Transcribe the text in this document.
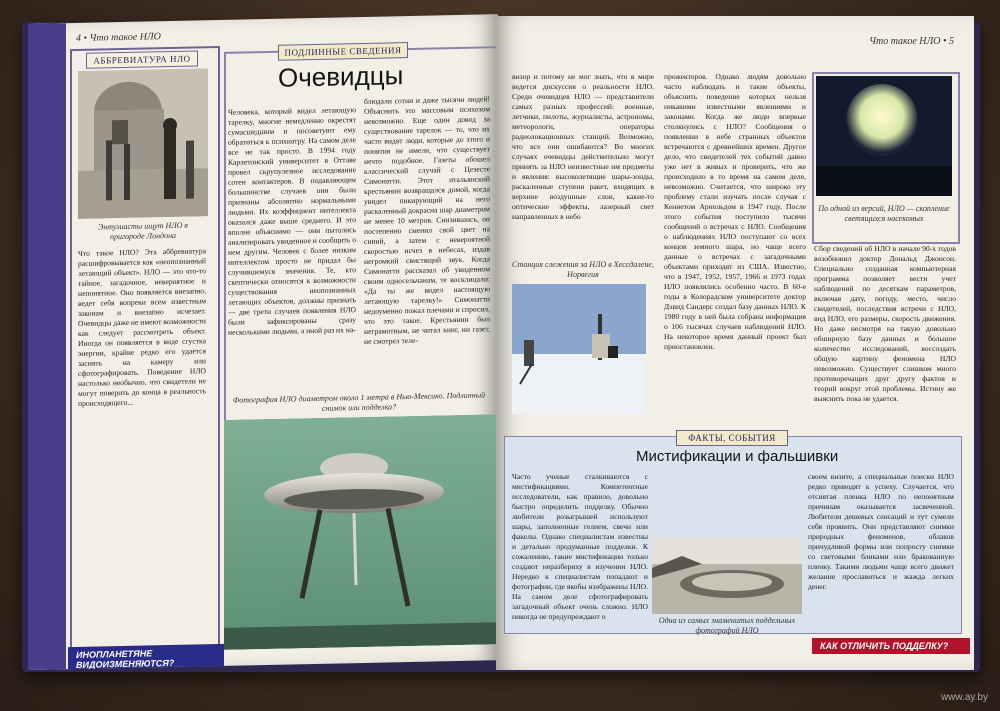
4 • Что такое НЛО
АББРЕВИАТУРА НЛО
Энтузиасты ищут НЛО в пригороде Лондона
Что такое НЛО? Эта аббревиатура расшифровывается как «неопознанный летающий объект». НЛО — это что-то тайное, загадочное, невероятное и непонятное. Оно появляется внезапно, ведет себя вопреки всем известным законам и внезапно исчезает. Очевидцы даже не имеют возможности как следует рассмотреть объект. Иногда он появляется в виде сгустка энергии, крайне редко его удается заснять на камеру или сфотографировать. Поведение НЛО настолько необычно, что свидетели не могут поверить до конца в реальность происходящего...
ПОДЛИННЫЕ СВЕДЕНИЯ
Очевидцы
Человека, который видел летающую тарелку, многие немедленно окрестят сумасшедшим и посоветуют ему обратиться к психиатру. На самом деле все не так просто. В 1994 году Карлетонский университет в Оттаве провел скрупулезное исследование сотен контактеров. В подавляющем большинстве случаев они были признаны абсолютно нормальными людьми. Их коэффициент интеллекта оказался даже выше среднего. И это вполне объяснимо — они пытались анализировать увиденное и сообщить о нем другим. Человек с более низким интеллектом просто не придал бы случившемуся значения. Те, кто скептически относятся к возможности существования неопознанных летающих объектов, должны признать — две трети случаев появления НЛО были зафиксированы сразу несколькими людьми, а иной раз их на-
блюдали сотни и даже тысячи людей! Объяснить это массовым психозом невозможно. Еще один довод за существование тарелок — то, что их часто видят люди, которые до этого и понятия не имели, что существует нечто подобное. Газеты обошел классический случай с Цезесте Симонатти. Этот итальянский крестьянин возвращался домой, когда увидел пикирующий на него раскаленный докрасна шар диаметром не менее 10 метров. Снизившись, он постепенно сменил свой цвет на синий, а затем с невероятной скоростью исчез в небесах, издав негромкий свистящий звук. Когда Симонатти рассказал об увиденном своим односельчанам, те восклицали: «Да ты же видел настоящую летающую тарелку!» Симонатти недоуменно пожал плечами и спросил, что это такое. Крестьянин был неграмотным, не читал книг, ни газет, не смотрел теле-
Фотография НЛО диаметром около 1 метра в Нью-Мексико. Подлинный снимок или подделка?
ИНОПЛАНЕТЯНЕ ВИДОИЗМЕНЯЮТСЯ?
Что такое НЛО • 5
визор и потому не мог знать, что в мире ведется дискуссия о реальности НЛО. Среди очевидцев НЛО — представители самых разных профессий: военные, летчики, пилоты, журналисты, астрономы, метеорологи, операторы радиолокационных станций. Возможно, что все они ошибаются? Во многих случаях очевидцы действительно могут принять за НЛО неизвестные им предметы и явления: высоколетящие шары-зонды, раскаленные ступени ракет, входящих в верхние воздушные слои, какие-то оптические эффекты, лазерный свет направленных в небо
Станция слежения за НЛО в Хессдалене, Норвегия
прожекторов. Однако людям довольно часто наблюдать и такие объекты, объяснить поведение которых нельзя никакими известными явлениями и законами. Когда же люди впервые столкнулись с НЛО? Сообщения о появлении в небе странных объектов встречаются с древнейших времен. Другое дело, что свидетелей тех событий давно уже нет в живых и проверить, что же происходило в то время на самом деле, невозможно. Считается, что широко эту проблему стали изучать после случая с Кеннетом Арнольдом в 1947 году. После этого события поступило тысячи сообщений о встречах с НЛО. Сообщения о наблюдениях НЛО поступают со всех концов земного шара, но чаще всего данные о встречах с загадочными объектами приходят из США. Известно, что в 1947, 1952, 1957, 1966 и 1973 годах НЛО появлялись особенно часто. В 60-е годы в Колорадском университете доктор Дэвид Сандерс создал базу данных НЛО. К 1980 году в ней была собрана информация о 106 тысячах случаев наблюдений НЛО. На некоторое время данный проект был приостановлен.
По одной из версий, НЛО — скопление светящихся насекомых
Сбор сведений об НЛО в начале 90-х годов возобновил доктор Дональд Джонсон. Специально созданная компьютерная программа позволяет вести учет наблюдений по десяткам параметров, включая дату, погоду, место, число свидетелей, последствия встречи с НЛО, вид НЛО, его размеры, скорость движения. Но даже несмотря на такую довольно обширную базу данных и большое количество исследований, воссоздать общую картину феномена НЛО невозможно. Существует слишком много противоречащих друг другу фактов и теорий вокруг этой проблемы. Истину же выяснить пока не удается.
ФАКТЫ, СОБЫТИЯ
Мистификации и фальшивки
Часто ученые сталкиваются с мистификациями. Компетентные исследователи, как правило, довольно быстро определить подделку. Обычно любители розыгрышей используют шары, заполненные гелием, свечи или факелы. Однако специалистам известны и детально продуманные подделки. К сожалению, такие мистификации только создают неразбериху в изучении НЛО. Нередко к специалистам попадают и фотографии, где якобы изображены НЛО. На самом деле сфотографировать загадочный объект очень сложно. НЛО никогда не предупреждают о	Одна из самых знаменитых поддельных фотографий НЛО
своем визите, а специальные поиски НЛО редко приводят к успеху. Случается, что отснятая пленка НЛО по непонятным причинам оказывается засвеченной. Любители дешевых сенсаций и тут сумели себя проявить. Они представляют снимки природных феноменов, облаков причудливой формы или попросту снимки со световыми бликами или бракованную пленку. Такими людьми чаще всего движет желание прославиться и жажда легких денег.
КАК ОТЛИЧИТЬ ПОДДЕЛКУ?
www.ay.by
